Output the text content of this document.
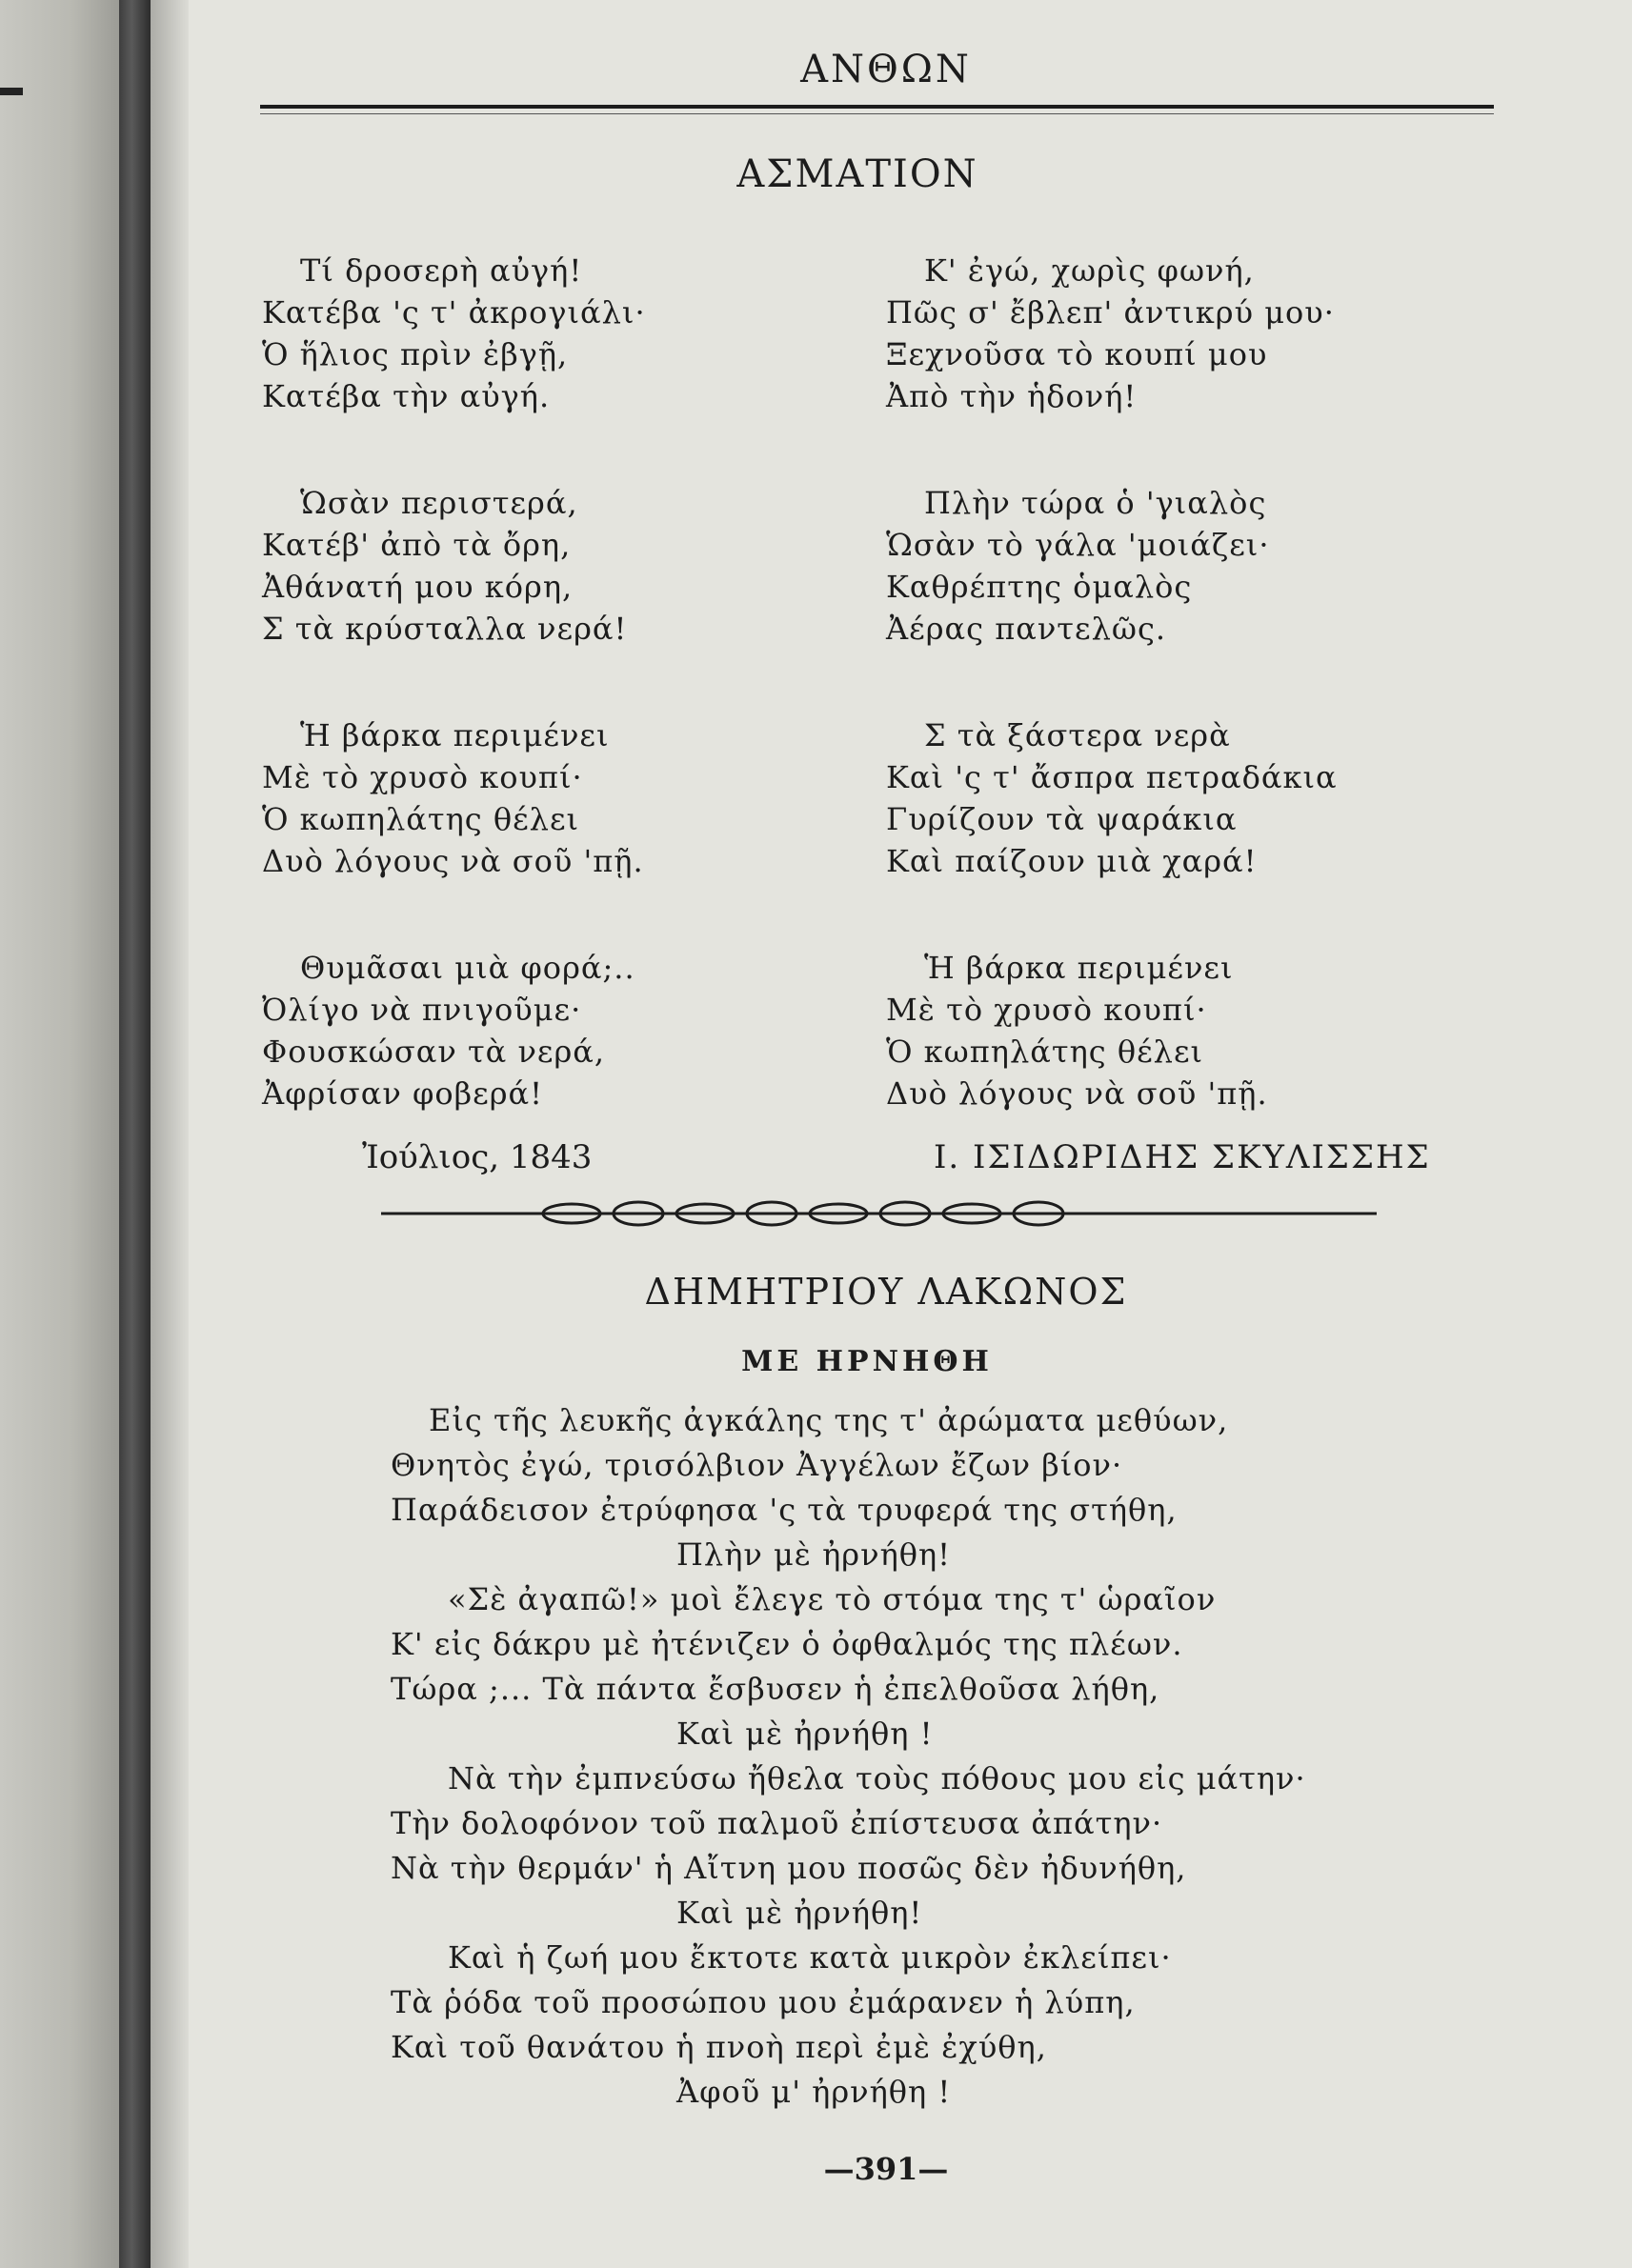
ΑΝΘΩΝ
ΑΣΜΑΤΙΟΝ
Τί δροσερὴ αὐγή!
Κατέβα 'ς τ' ἀκρογιάλι·
Ὁ ἥλιος πρὶν ἐβγῇ,
Κατέβα τὴν αὐγή.
Ὡσὰν περιστερά,
Κατέβ' ἀπὸ τὰ ὄρη,
Ἀθάνατή μου κόρη,
Σ τὰ κρύσταλλα νερά!
Ἡ βάρκα περιμένει
Μὲ τὸ χρυσὸ κουπί·
Ὁ κωπηλάτης θέλει
Δυὸ λόγους νὰ σοῦ 'πῇ.
Θυμᾶσαι μιὰ φορά;..
Ὀλίγο νὰ πνιγοῦμε·
Φουσκώσαν τὰ νερά,
Ἀφρίσαν φοβερά!
Κ' ἐγώ, χωρὶς φωνή,
Πῶς σ' ἔβλεπ' ἀντικρύ μου·
Ξεχνοῦσα τὸ κουπί μου
Ἀπὸ τὴν ἡδονή!
Πλὴν τώρα ὁ 'γιαλὸς
Ὡσὰν τὸ γάλα 'μοιάζει·
Καθρέπτης ὁμαλὸς
Ἀέρας παντελῶς.
Σ τὰ ξάστερα νερὰ
Καὶ 'ς τ' ἄσπρα πετραδάκια
Γυρίζουν τὰ ψαράκια
Καὶ παίζουν μιὰ χαρά!
Ἡ βάρκα περιμένει
Μὲ τὸ χρυσὸ κουπί·
Ὁ κωπηλάτης θέλει
Δυὸ λόγους νὰ σοῦ 'πῇ.
Ἰούλιος, 1843	Ι. ΙΣΙΔΩΡΙΔΗΣ ΣΚΥΛΙΣΣΗΣ
ΔΗΜΗΤΡΙΟΥ ΛΑΚΩΝΟΣ
ΜΕ ΗΡΝΗΘΗ
Εἰς τῆς λευκῆς ἀγκάλης της τ' ἀρώματα μεθύων,
Θνητὸς ἐγώ, τρισόλβιον Ἀγγέλων ἔζων βίον·
Παράδεισον ἐτρύφησα 'ς τὰ τρυφερά της στήθη,
Πλὴν μὲ ἠρνήθη!
«Σὲ ἀγαπῶ!» μοὶ ἔλεγε τὸ στόμα της τ' ὡραῖον
Κ' εἰς δάκρυ μὲ ἠτένιζεν ὁ ὀφθαλμός της πλέων.
Τώρα ;... Τὰ πάντα ἔσβυσεν ἡ ἐπελθοῦσα λήθη,
Καὶ μὲ ἠρνήθη !
Νὰ τὴν ἐμπνεύσω ἤθελα τοὺς πόθους μου εἰς μάτην·
Τὴν δολοφόνον τοῦ παλμοῦ ἐπίστευσα ἀπάτην·
Νὰ τὴν θερμάν' ἡ Αἴτνη μου ποσῶς δὲν ἠδυνήθη,
Καὶ μὲ ἠρνήθη!
Καὶ ἡ ζωή μου ἔκτοτε κατὰ μικρὸν ἐκλείπει·
Τὰ ῥόδα τοῦ προσώπου μου ἐμάρανεν ἡ λύπη,
Καὶ τοῦ θανάτου ἡ πνοὴ περὶ ἐμὲ ἐχύθη,
Ἀφοῦ μ' ἠρνήθη !
—391—
